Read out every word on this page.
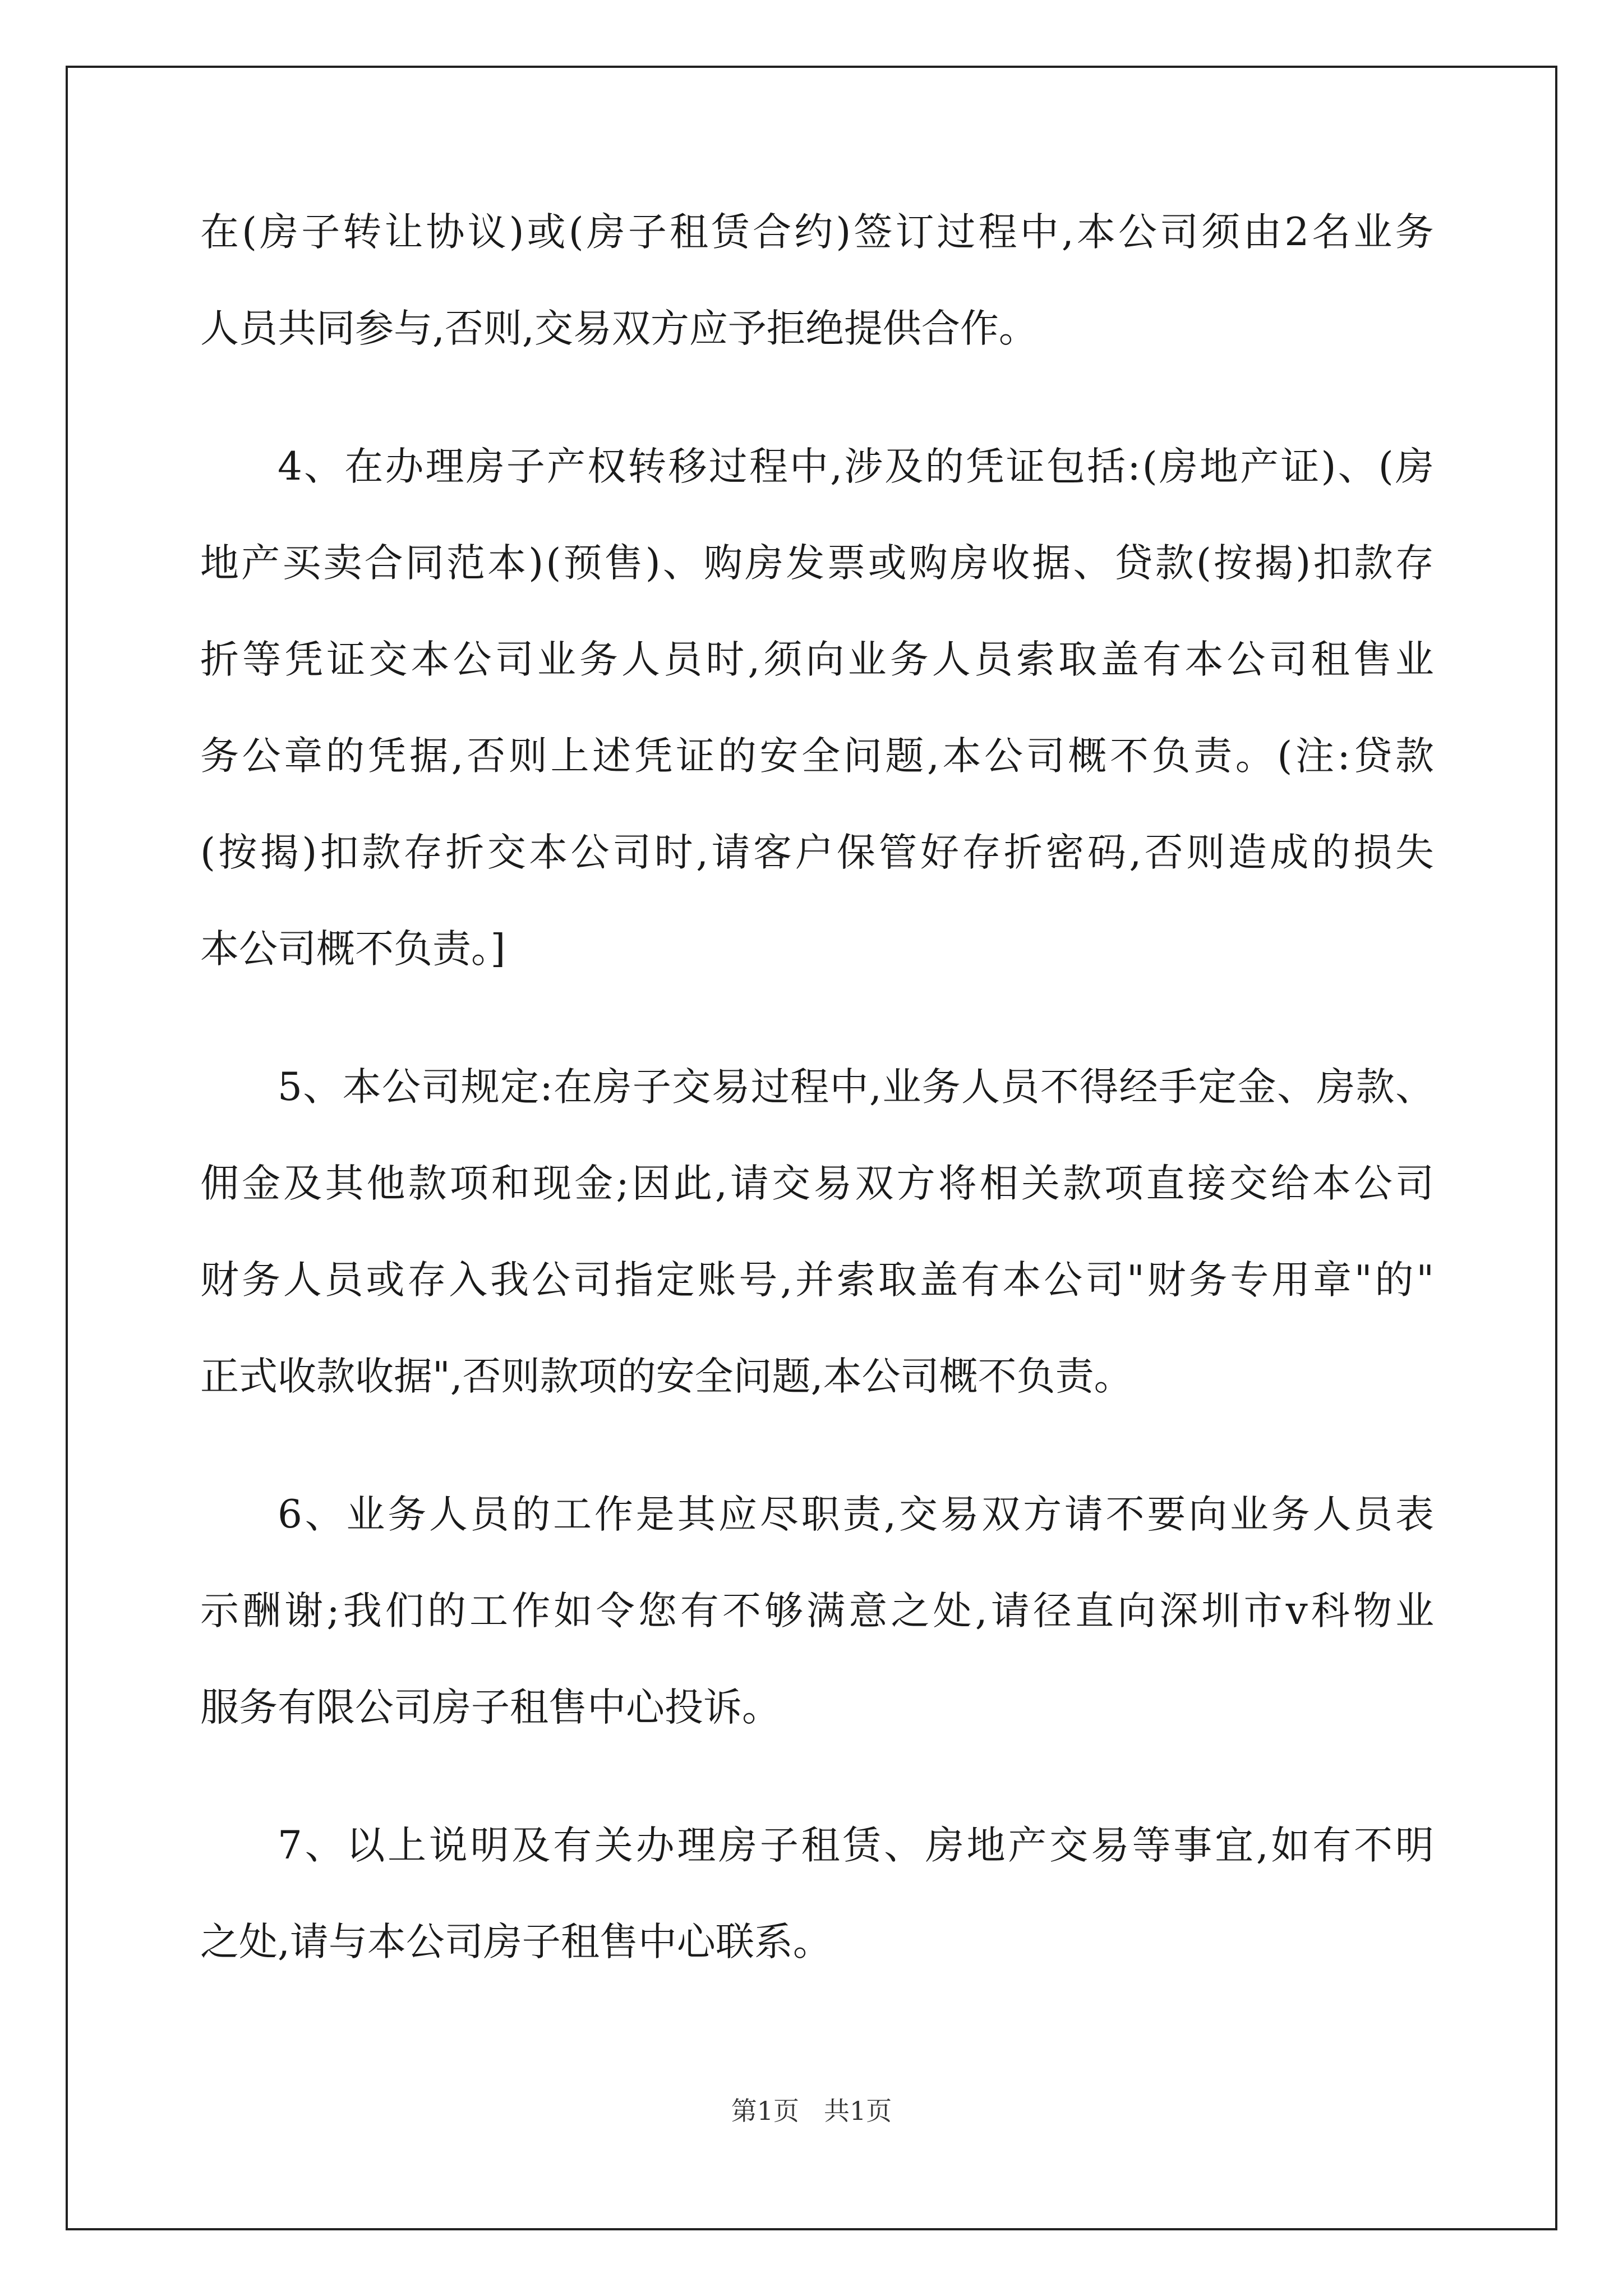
在(房子转让协议)或(房子租赁合约)签订过程中,本公司须由2名业务
人员共同参与,否则,交易双方应予拒绝提供合作。
4、在办理房子产权转移过程中,涉及的凭证包括:(房地产证)、(房
地产买卖合同范本)(预售)、购房发票或购房收据、贷款(按揭)扣款存
折等凭证交本公司业务人员时,须向业务人员索取盖有本公司租售业
务公章的凭据,否则上述凭证的安全问题,本公司概不负责。(注:贷款
(按揭)扣款存折交本公司时,请客户保管好存折密码,否则造成的损失
本公司概不负责。]
5、本公司规定:在房子交易过程中,业务人员不得经手定金、房款、
佣金及其他款项和现金;因此,请交易双方将相关款项直接交给本公司
财务人员或存入我公司指定账号,并索取盖有本公司"财务专用章"的"
正式收款收据",否则款项的安全问题,本公司概不负责。
6、业务人员的工作是其应尽职责,交易双方请不要向业务人员表
示酬谢;我们的工作如令您有不够满意之处,请径直向深圳市v科物业
服务有限公司房子租售中心投诉。
7、以上说明及有关办理房子租赁、房地产交易等事宜,如有不明
之处,请与本公司房子租售中心联系。
第1页 共1页
